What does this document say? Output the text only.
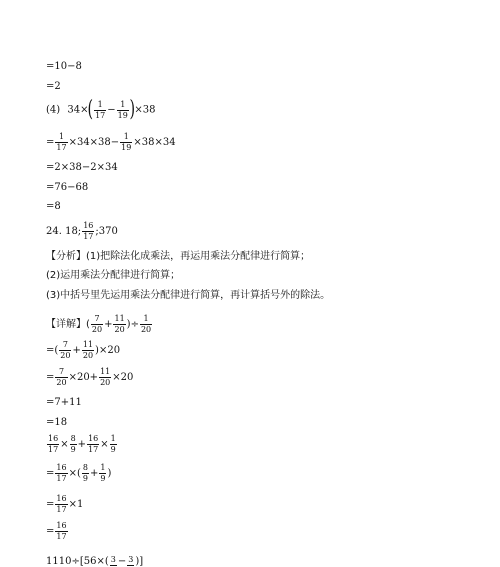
=10−8
=2
(4) $34\times( \frac{1}{17} - \frac{1}{19} )\times 38$
= $\frac{1}{17} \times 34\times 38- \frac{1}{19} \times 38\times 34$
=2×38−2×34
=76−68
=8
24. 18; $\frac{16}{17}$ ;370
【分析】(1)把除法化成乘法，再运用乘法分配律进行简算；
(2)运用乘法分配律进行简算；
(3)中括号里先运用乘法分配律进行简算，再计算括号外的除法。
【详解】( $\frac{7}{20} + \frac{11}{20}$ )÷ $\frac{1}{20}$
=( $\frac{7}{20} + \frac{11}{20} )\times 20$
= $\frac{7}{20} \times 20+ \frac{11}{20} \times 20$
=7+11
=18
$\frac{16}{17} \times \frac{8}{9} + \frac{16}{17} \times \frac{1}{9}$
= $\frac{16}{17}$ ×( $\frac{8}{9} + \frac{1}{9}$ )
= $\frac{16}{17} \times 1$
= $\frac{16}{17}$
1110÷[56×( 3 − 3 )]
